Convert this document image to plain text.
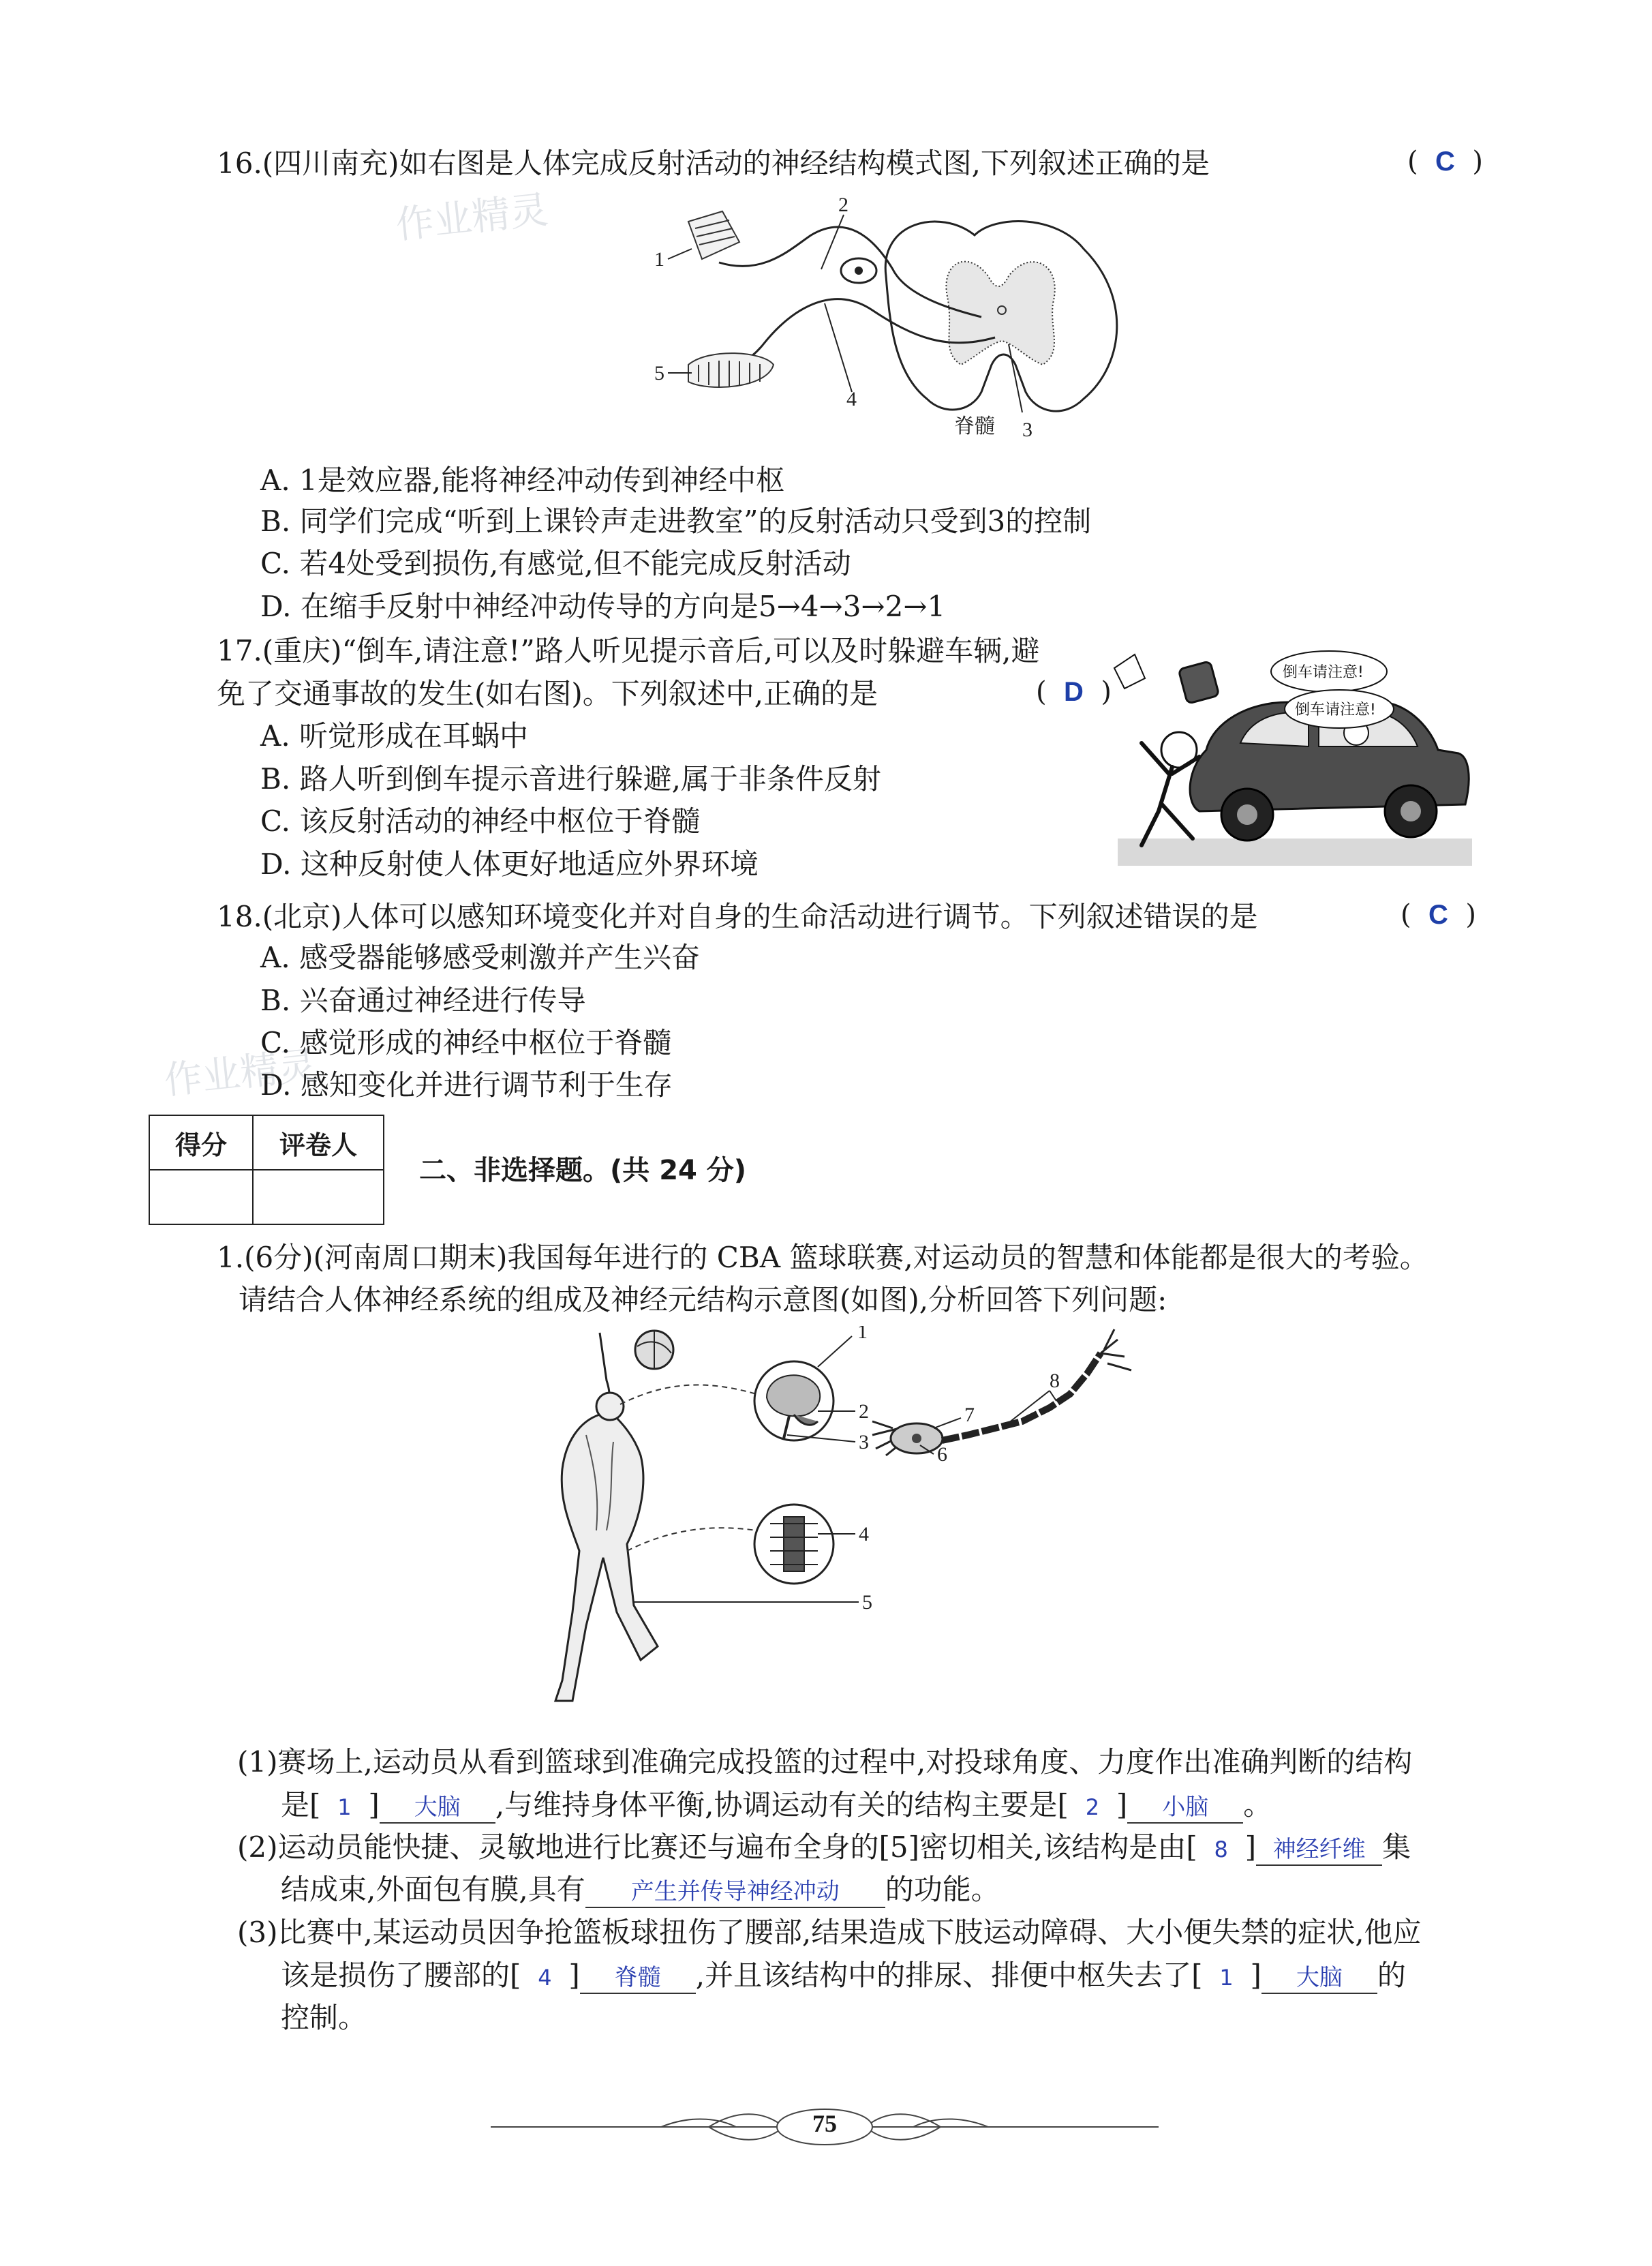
作业精灵
作业精灵
16.(四川南充)如右图是人体完成反射活动的神经结构模式图,下列叙述正确的是	( C )
1
2
3
4
5
脊髓
A. 1是效应器,能将神经冲动传到神经中枢
B. 同学们完成“听到上课铃声走进教室”的反射活动只受到3的控制
C. 若4处受到损伤,有感觉,但不能完成反射活动
D. 在缩手反射中神经冲动传导的方向是5→4→3→2→1
17.(重庆)“倒车,请注意!”路人听见提示音后,可以及时躲避车辆,避
免了交通事故的发生(如右图)。下列叙述中,正确的是	( D )
倒车请注意!
倒车请注意!
A. 听觉形成在耳蜗中
B. 路人听到倒车提示音进行躲避,属于非条件反射
C. 该反射活动的神经中枢位于脊髓
D. 这种反射使人体更好地适应外界环境
18.(北京)人体可以感知环境变化并对自身的生命活动进行调节。下列叙述错误的是	( C )
A. 感受器能够感受刺激并产生兴奋
B. 兴奋通过神经进行传导
C. 感觉形成的神经中枢位于脊髓
D. 感知变化并进行调节利于生存
得分	评卷人

二、非选择题。(共 24 分)
1.(6分)(河南周口期末)我国每年进行的 CBA 篮球联赛,对运动员的智慧和体能都是很大的考验。
请结合人体神经系统的组成及神经元结构示意图(如图),分析回答下列问题:
1
2
3
4
5
6
7
8
(1)赛场上,运动员从看到篮球到准确完成投篮的过程中,对投球角度、力度作出准确判断的结构
是[ 1 ] 大脑 ,与维持身体平衡,协调运动有关的结构主要是[ 2 ] 小脑 。
(2)运动员能快捷、灵敏地进行比赛还与遍布全身的[5]密切相关,该结构是由[ 8 ] 神经纤维 集
结成束,外面包有膜,具有 产生并传导神经冲动 的功能。
(3)比赛中,某运动员因争抢篮板球扭伤了腰部,结果造成下肢运动障碍、大小便失禁的症状,他应
该是损伤了腰部的[ 4 ] 脊髓 ,并且该结构中的排尿、排便中枢失去了[ 1 ] 大脑 的
控制。
75
